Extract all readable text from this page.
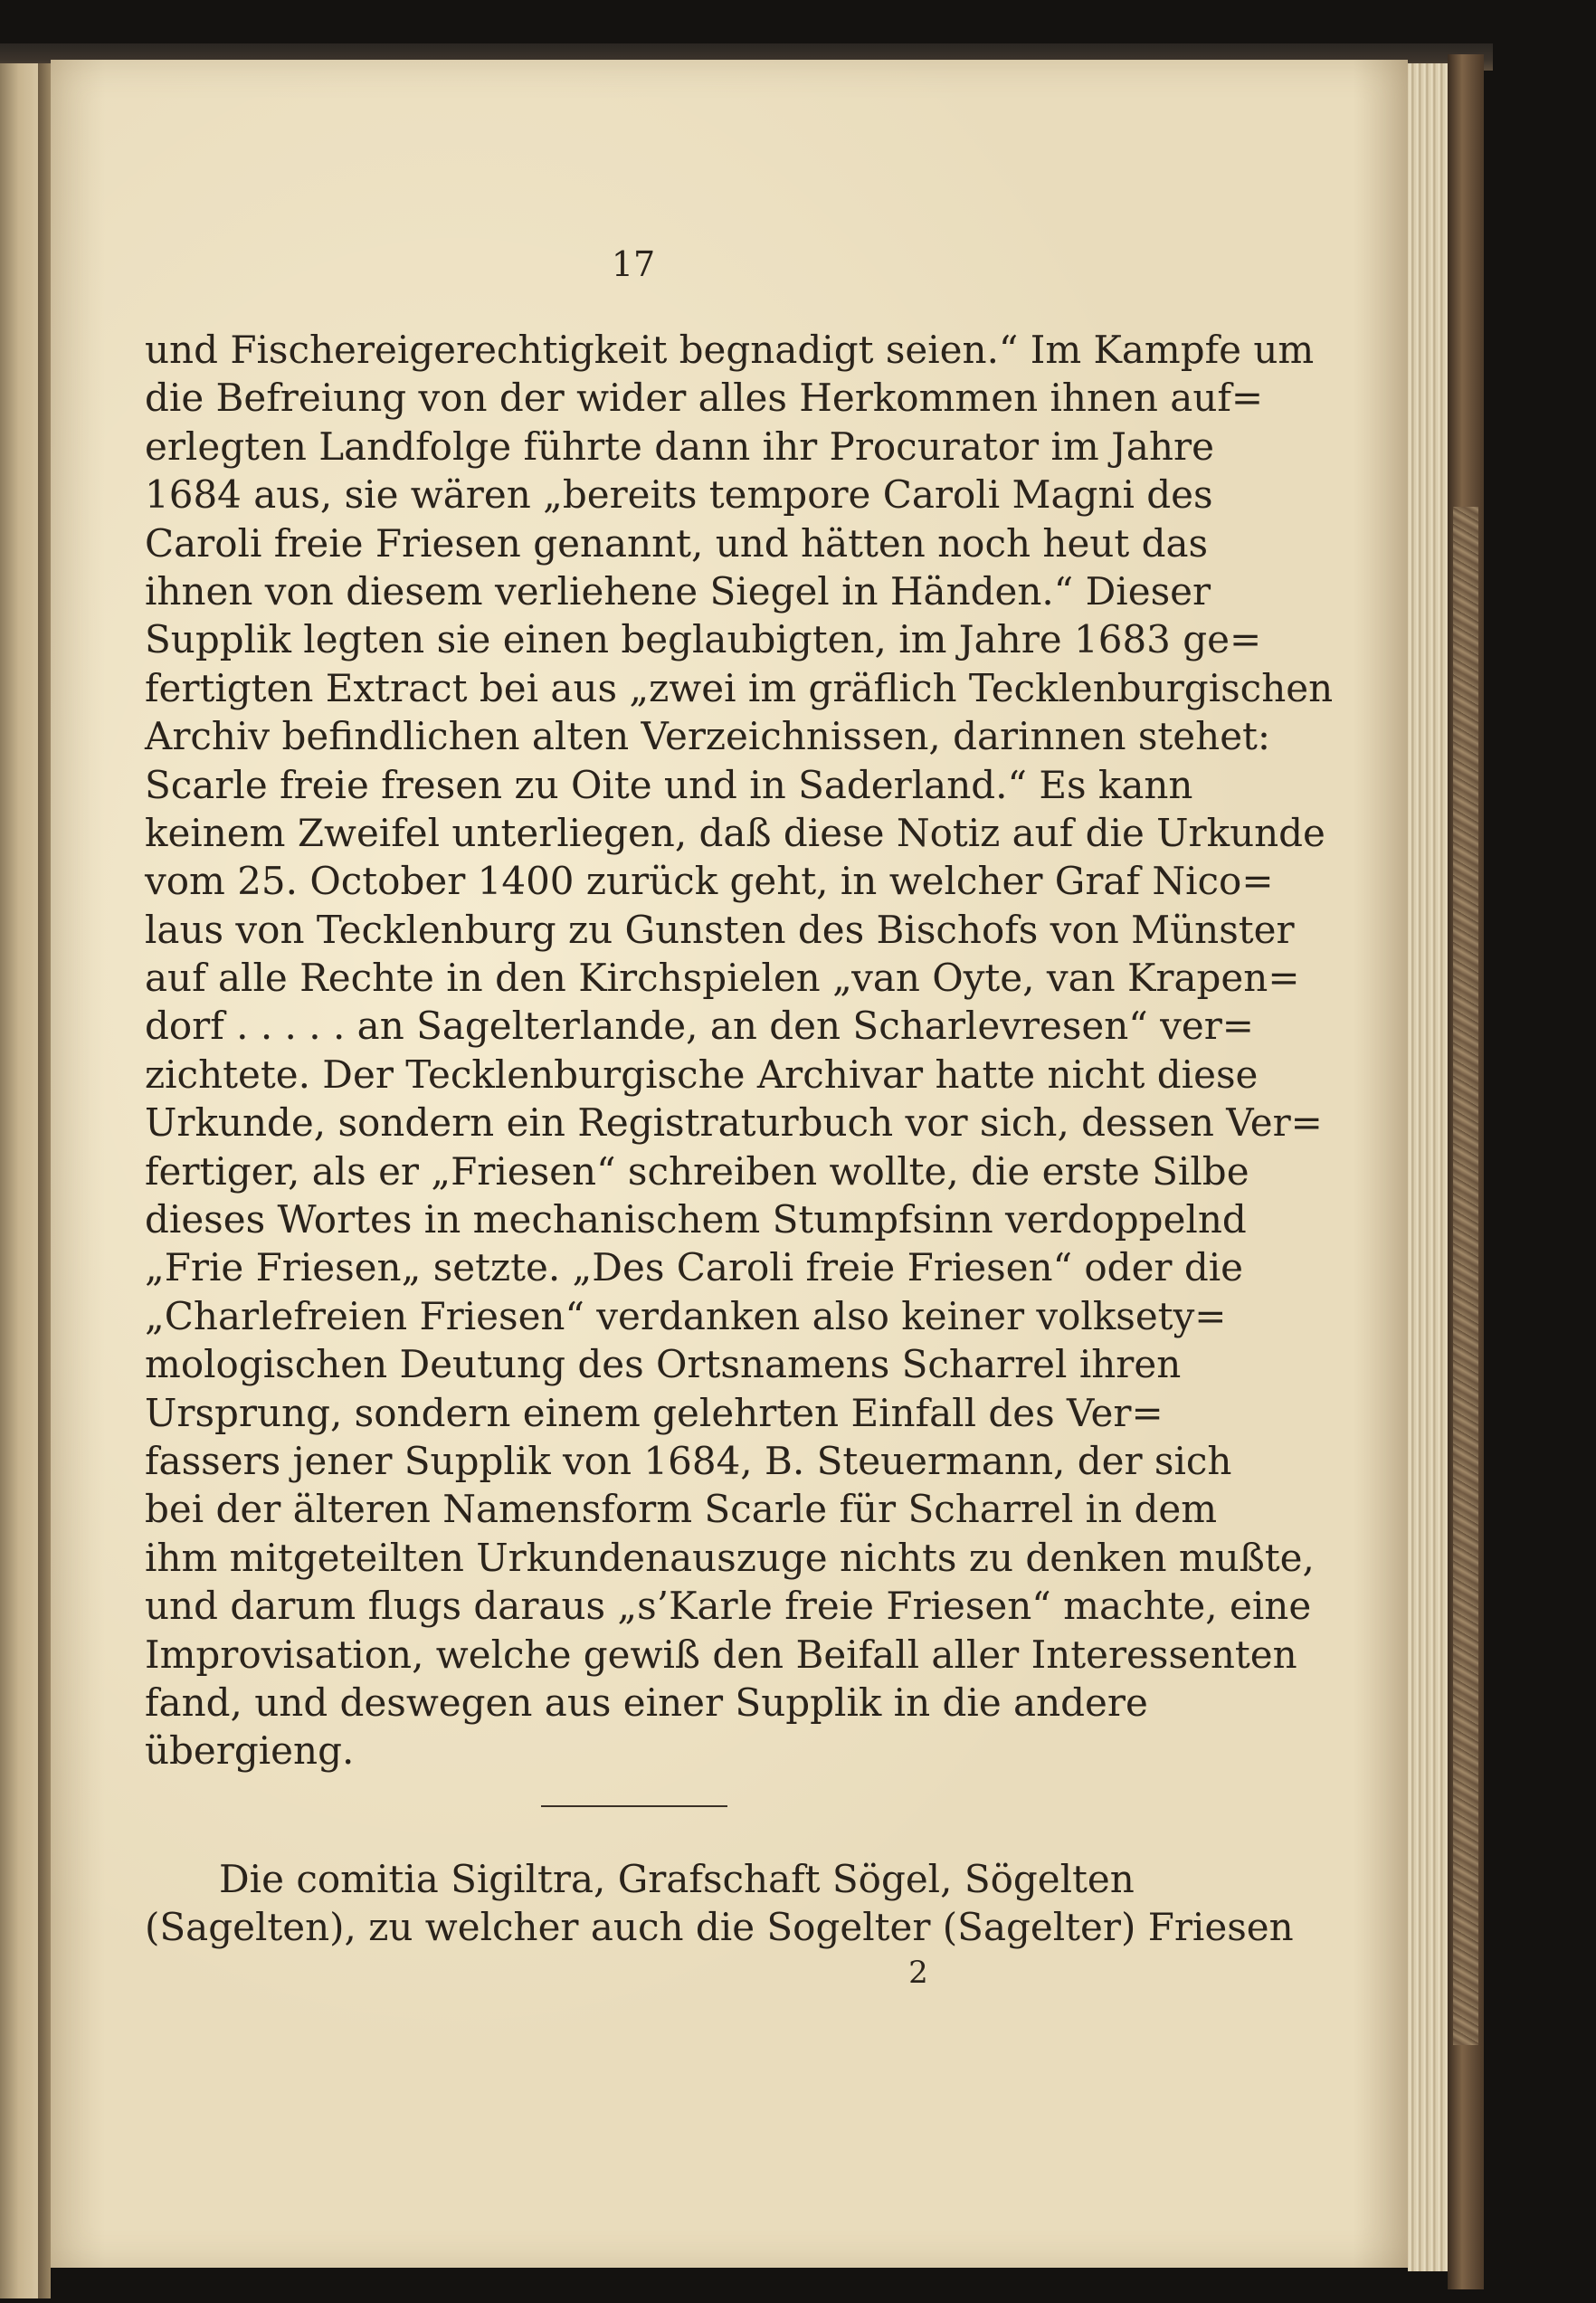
17
und Fischereigerechtigkeit begnadigt seien.“ Im Kampfe um
die Befreiung von der wider alles Herkommen ihnen auf=
erlegten Landfolge führte dann ihr Procurator im Jahre
1684 aus, sie wären „bereits tempore Caroli Magni des
Caroli freie Friesen genannt, und hätten noch heut das
ihnen von diesem verliehene Siegel in Händen.“ Dieser
Supplik legten sie einen beglaubigten, im Jahre 1683 ge=
fertigten Extract bei aus „zwei im gräflich Tecklenburgischen
Archiv befindlichen alten Verzeichnissen, darinnen stehet:
Scarle freie fresen zu Oite und in Saderland.“ Es kann
keinem Zweifel unterliegen, daß diese Notiz auf die Urkunde
vom 25. October 1400 zurück geht, in welcher Graf Nico=
laus von Tecklenburg zu Gunsten des Bischofs von Münster
auf alle Rechte in den Kirchspielen „van Oyte, van Krapen=
dorf . . . . . an Sagelterlande, an den Scharlevresen“ ver=
zichtete. Der Tecklenburgische Archivar hatte nicht diese
Urkunde, sondern ein Registraturbuch vor sich, dessen Ver=
fertiger, als er „Friesen“ schreiben wollte, die erste Silbe
dieses Wortes in mechanischem Stumpfsinn verdoppelnd
„Frie Friesen„ setzte. „Des Caroli freie Friesen“ oder die
„Charlefreien Friesen“ verdanken also keiner volksety=
mologischen Deutung des Ortsnamens Scharrel ihren
Ursprung, sondern einem gelehrten Einfall des Ver=
fassers jener Supplik von 1684, B. Steuermann, der sich
bei der älteren Namensform Scarle für Scharrel in dem
ihm mitgeteilten Urkundenauszuge nichts zu denken mußte,
und darum flugs daraus „s’Karle freie Friesen“ machte, eine
Improvisation, welche gewiß den Beifall aller Interessenten
fand, und deswegen aus einer Supplik in die andere
übergieng.
Die comitia Sigiltra, Grafschaft Sögel, Sögelten
(Sagelten), zu welcher auch die Sogelter (Sagelter) Friesen
2
